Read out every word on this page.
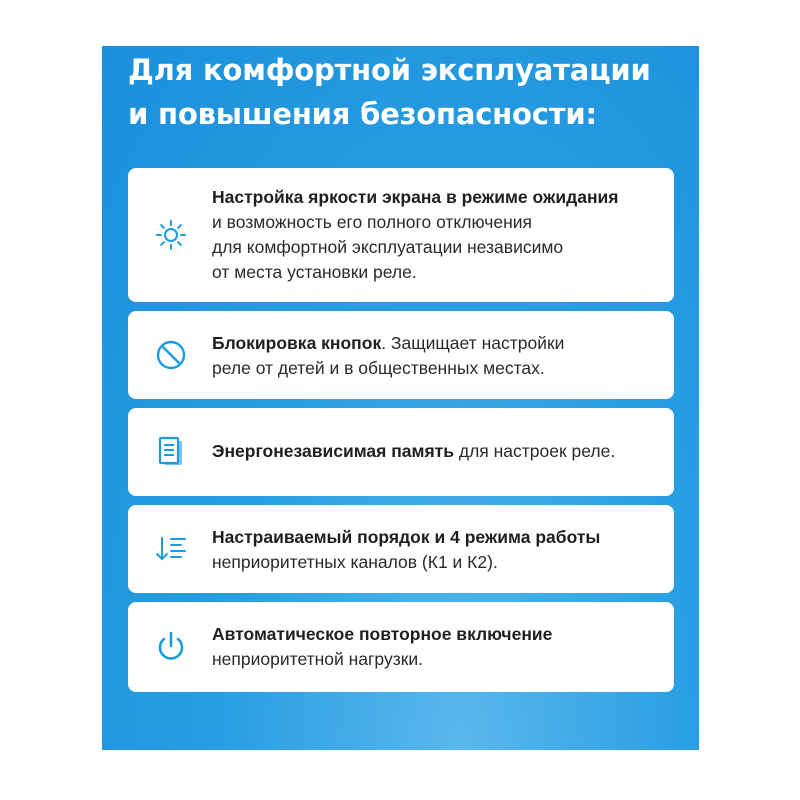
Для комфортной эксплуатации
и повышения безопасности:
Настройка яркости экрана в режиме ожидания
и возможность его полного отключения
для комфортной эксплуатации независимо
от места установки реле.
Блокировка кнопок. Защищает настройки
реле от детей и в общественных местах.
Энергонезависимая память для настроек реле.
Настраиваемый порядок и 4 режима работы
неприоритетных каналов (К1 и К2).
Автоматическое повторное включение
неприоритетной нагрузки.
